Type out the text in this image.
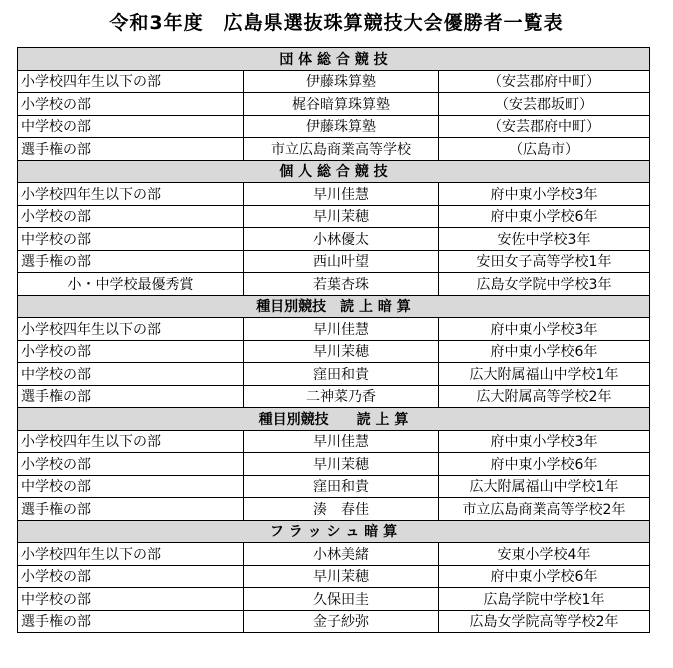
令和3年度　広島県選抜珠算競技大会優勝者一覧表
団 体 総 合 競 技		
小学校四年生以下の部	伊藤珠算塾	（安芸郡府中町）
小学校の部	梶谷暗算珠算塾	（安芸郡坂町）
中学校の部	伊藤珠算塾	（安芸郡府中町）
選手権の部	市立広島商業高等学校	（広島市）
個 人 総 合 競 技		
小学校四年生以下の部	早川佳慧	府中東小学校3年
小学校の部	早川茉穂	府中東小学校6年
中学校の部	小林優太	安佐中学校3年
選手権の部	西山叶望	安田女子高等学校1年
小・中学校最優秀賞	若葉杏珠	広島女学院中学校3年
種目別競技　読 上 暗 算		
小学校四年生以下の部	早川佳慧	府中東小学校3年
小学校の部	早川茉穂	府中東小学校6年
中学校の部	窪田和貴	広大附属福山中学校1年
選手権の部	二神菜乃香	広大附属高等学校2年
種目別競技　　読 上 算		
小学校四年生以下の部	早川佳慧	府中東小学校3年
小学校の部	早川茉穂	府中東小学校6年
中学校の部	窪田和貴	広大附属福山中学校1年
選手権の部	湊　春佳	市立広島商業高等学校2年
フ ラ ッ シ ュ 暗 算		
小学校四年生以下の部	小林美緒	安東小学校4年
小学校の部	早川茉穂	府中東小学校6年
中学校の部	久保田圭	広島学院中学校1年
選手権の部	金子紗弥	広島女学院高等学校2年
